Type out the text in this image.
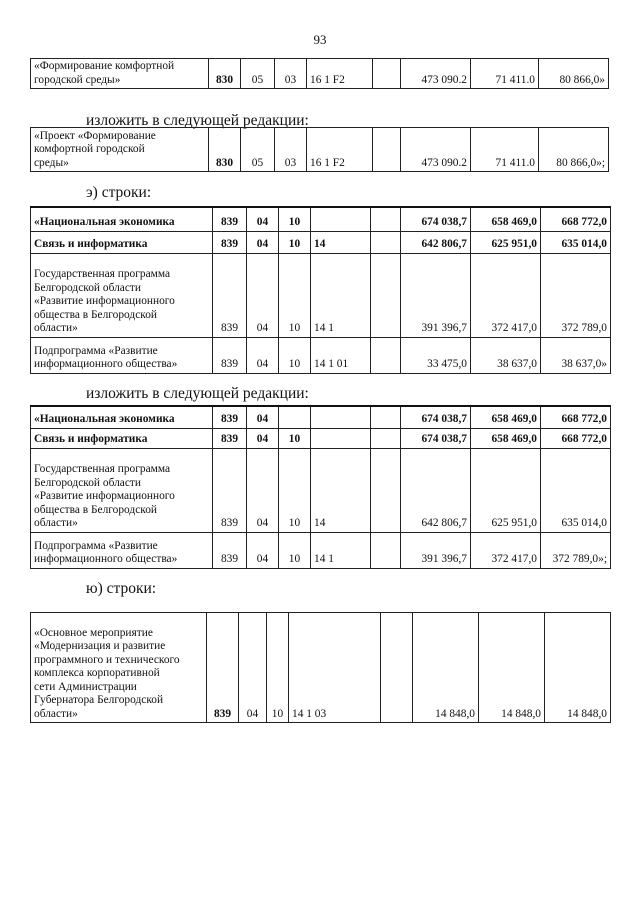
93
«Формирование комфортной
городской среды»	830	05	03	16 1 F2		473 090.2	71 411.0	80 866,0»
изложить в следующей редакции:
«Проект «Формирование
комфортной городской
среды»	830	05	03	16 1 F2		473 090.2	71 411.0	80 866,0»;
э) строки:
«Национальная экономика	839	04	10			674 038,7	658 469,0	668 772,0

Связь и информатика	839	04	10	14		642 806,7	625 951,0	635 014,0

Государственная программа
Белгородской области
«Развитие информационного
общества в Белгородской
области»	839	04	10	14 1		391 396,7	372 417,0	372 789,0

Подпрограмма «Развитие
информационного общества»	839	04	10	14 1 01		33 475,0	38 637,0	38 637,0»
изложить в следующей редакции:
«Национальная экономика	839	04				674 038,7	658 469,0	668 772,0

Связь и информатика	839	04	10			674 038,7	658 469,0	668 772,0

Государственная программа
Белгородской области
«Развитие информационного
общества в Белгородской
области»	839	04	10	14		642 806,7	625 951,0	635 014,0

Подпрограмма «Развитие
информационного общества»	839	04	10	14 1		391 396,7	372 417,0	372 789,0»;
ю) строки:
«Основное мероприятие
«Модернизация и развитие
программного и технического
комплекса корпоративной
сети Администрации
Губернатора Белгородской
области»	839	04	10	14 1 03		14 848,0	14 848,0	14 848,0
